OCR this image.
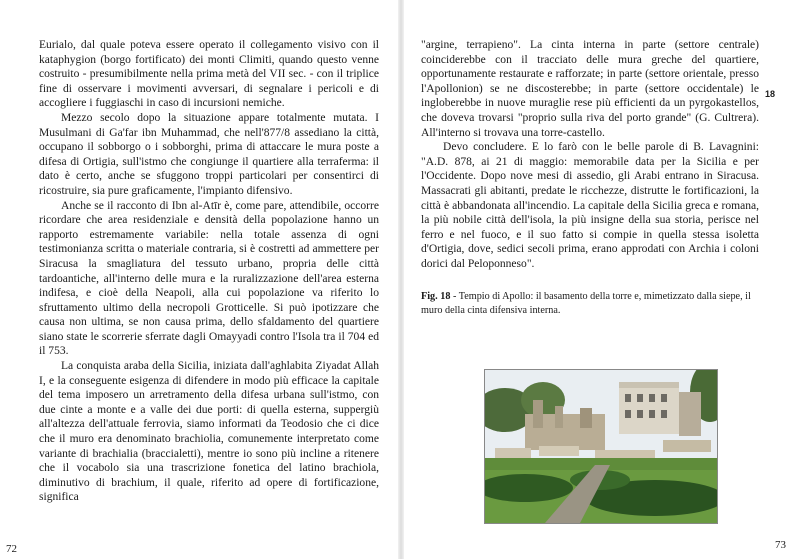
Eurialo, dal quale poteva essere operato il collegamento visivo con il kataphygion (borgo fortificato) dei monti Climiti, quando questo venne costruito - presumibilmente nella prima metà del VII sec. - con il triplice fine di osservare i movimenti avversari, di segnalare i pericoli e di accogliere i fuggiaschi in caso di incursioni nemiche.

Mezzo secolo dopo la situazione appare totalmente mutata. I Musulmani di Ga'far ibn Muhammad, che nell'877/8 assediano la città, occupano il sobborgo o i sobborghi, prima di attaccare le mura poste a difesa di Ortigia, sull'istmo che congiunge il quartiere alla terraferma: il dato è certo, anche se sfuggono troppi particolari per consentirci di ricostruire, sia pure graficamente, l'impianto difensivo.

Anche se il racconto di Ibn al-Atīr è, come pare, attendibile, occorre ricordare che area residenziale e densità della popolazione hanno un rapporto estremamente variabile: nella totale assenza di ogni testimonianza scritta o materiale contraria, si è costretti ad ammettere per Siracusa la smagliatura del tessuto urbano, propria delle città tardoantiche, all'interno delle mura e la ruralizzazione dell'area esterna indifesa, e cioè della Neapoli, alla cui popolazione va riferito lo sfruttamento ultimo della necropoli Grotticelle. Si può ipotizzare che causa non ultima, se non causa prima, dello sfaldamento del quartiere siano state le scorrerie sferrate dagli Omayyadi contro l'Isola tra il 704 ed il 753.

La conquista araba della Sicilia, iniziata dall'aghlabita Ziyadat Allah I, e la conseguente esigenza di difendere in modo più efficace la capitale del tema imposero un arretramento della difesa urbana sull'istmo, con due cinte a monte e a valle dei due porti: di quella esterna, suppergiù all'altezza dell'attuale ferrovia, siamo informati da Teodosio che ci dice che il muro era denominato brachiolia, comunemente interpretato come variante di brachialia (braccialetti), mentre io sono più incline a ritenere che il vocabolo sia una trascrizione fonetica del latino brachiola, diminutivo di brachium, il quale, riferito ad opere di fortificazione, significa

"argine, terrapieno". La cinta interna in parte (settore centrale) coinciderebbe con il tracciato delle mura greche del quartiere, opportunamente restaurate e rafforzate; in parte (settore orientale, presso l'Apollonion) se ne discosterebbe; in parte (settore occidentale) le ingloberebbe in nuove muraglie rese più efficienti da un pyrgokastellos, che doveva trovarsi "proprio sulla riva del porto grande" (G. Cultrera). All'interno si trovava una torre-castello.

Devo concludere. E lo farò con le belle parole di B. Lavagnini: "A.D. 878, ai 21 di maggio: memorabile data per la Sicilia e per l'Occidente. Dopo nove mesi di assedio, gli Arabi entrano in Siracusa. Massacrati gli abitanti, predate le ricchezze, distrutte le fortificazioni, la città è abbandonata all'incendio. La capitale della Sicilia greca e romana, la più nobile città dell'isola, la più insigne della sua storia, perisce nel ferro e nel fuoco, e il suo fatto si compie in quella stessa isoletta d'Ortigia, dove, sedici secoli prima, erano approdati con Archia i coloni dorici dal Peloponneso".

18
Fig. 18 - Tempio di Apollo: il basamento della torre e, mimetizzato dalla siepe, il muro della cinta difensiva interna.
72	73
